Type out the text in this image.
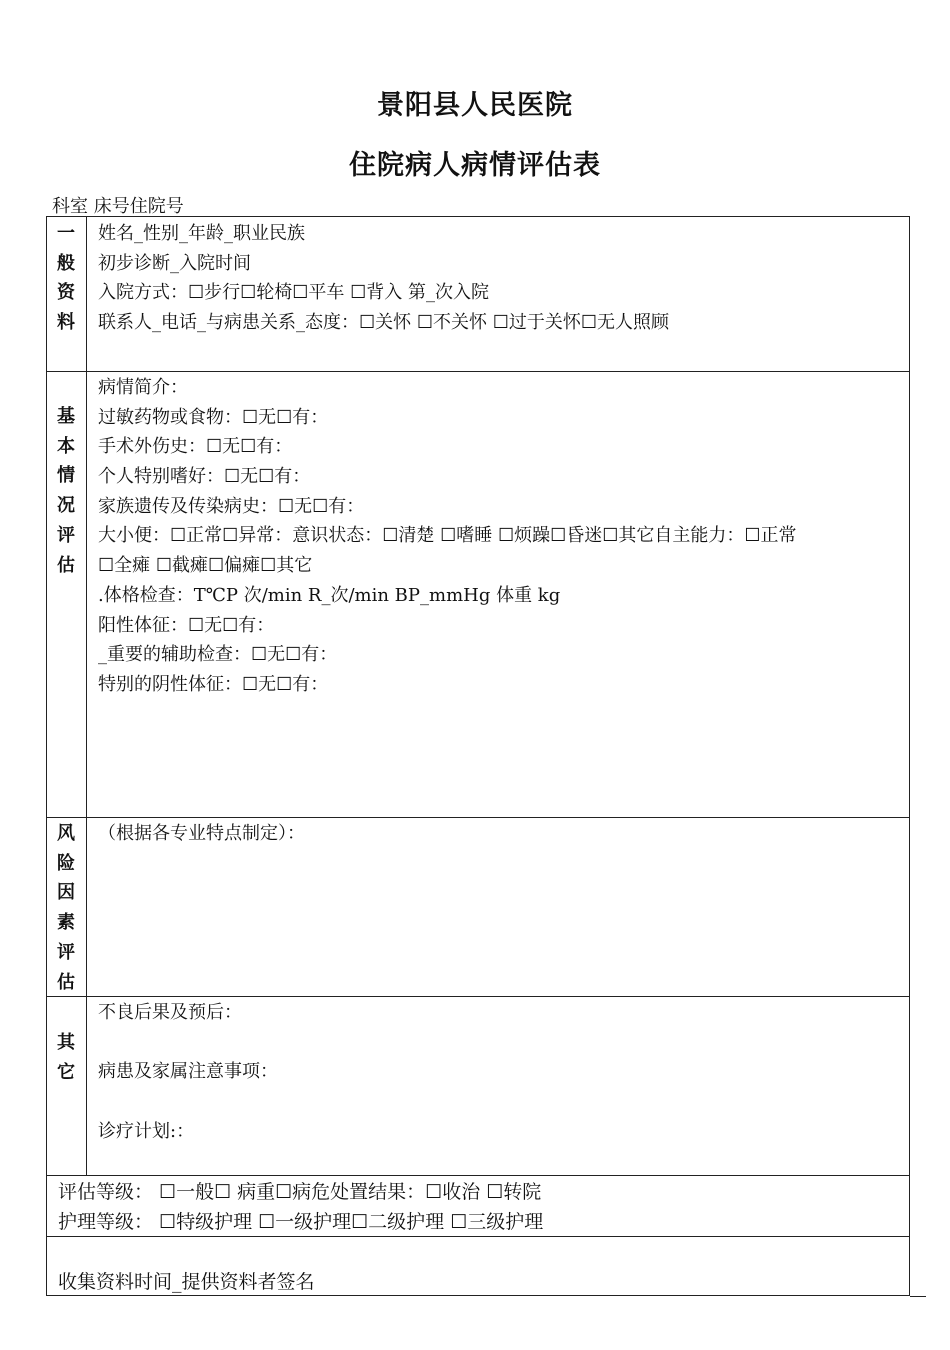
景阳县人民医院
住院病人病情评估表
科室 床号住院号
一
般
资
料
姓名_性别_年龄_职业民族
初步诊断_入院时间
入院方式：☐步行☐轮椅☐平车 ☐背入 第_次入院
联系人_电话_与病患关系_态度：☐关怀 ☐不关怀 ☐过于关怀☐无人照顾
基
本
情
况
评
估
病情简介：
过敏药物或食物：☐无☐有：
手术外伤史：☐无☐有：
个人特别嗜好：☐无☐有：
家族遗传及传染病史：☐无☐有：
大小便：☐正常☐异常：意识状态：☐清楚 ☐嗜睡 ☐烦躁☐昏迷☐其它自主能力：☐正常
☐全瘫 ☐截瘫☐偏瘫☐其它
.体格检查：T℃P 次/min R_次/min BP_mmHg 体重 kg
阳性体征：☐无☐有：
_重要的辅助检查：☐无☐有：
特别的阴性体征：☐无☐有：
风
险
因
素
评
估
（根据各专业特点制定）：
其
它
不良后果及预后：
病患及家属注意事项：
诊疗计划:：
评估等级： ☐一般☐ 病重☐病危处置结果：☐收治 ☐转院
护理等级： ☐特级护理 ☐一级护理☐二级护理 ☐三级护理
收集资料时间_提供资料者签名
